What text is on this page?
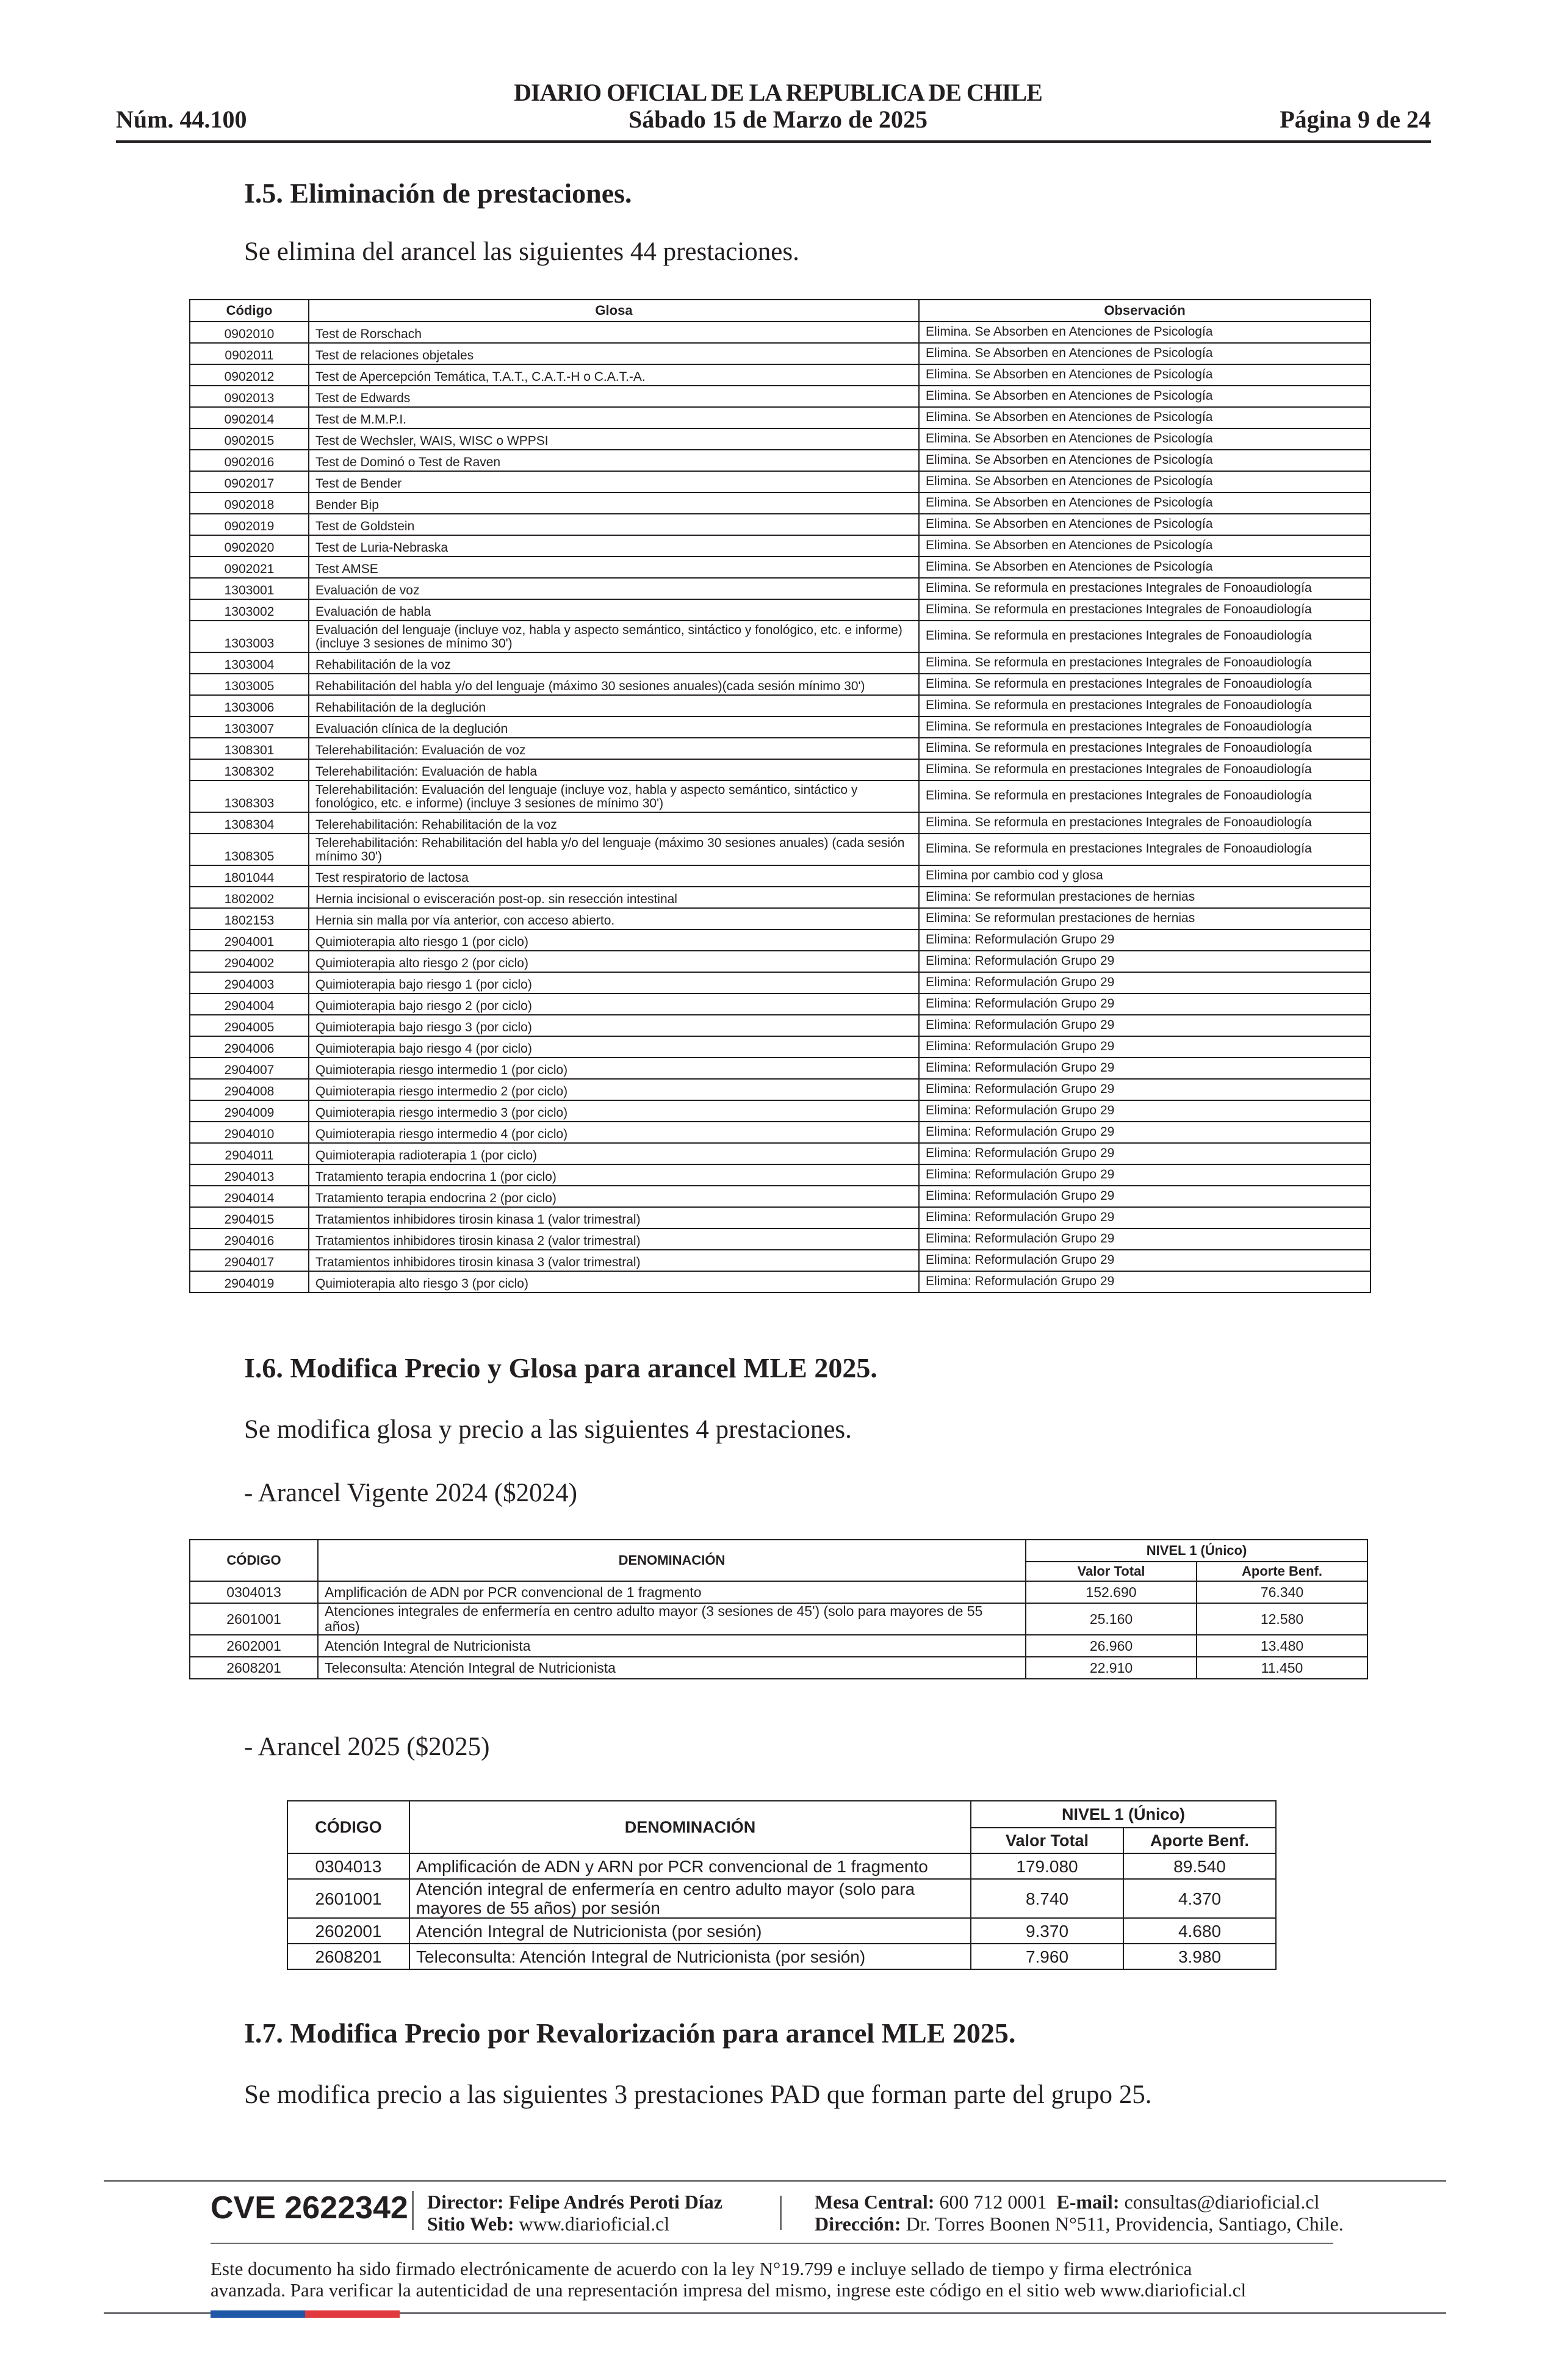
Núm. 44.100
DIARIO OFICIAL DE LA REPUBLICA DE CHILE
Sábado 15 de Marzo de 2025	Página 9 de 24
I.5. Eliminación de prestaciones.
Se elimina del arancel las siguientes 44 prestaciones.
Código	Glosa	Observación
0902010	Test de Rorschach	Elimina. Se Absorben en Atenciones de Psicología
0902011	Test de relaciones objetales	Elimina. Se Absorben en Atenciones de Psicología
0902012	Test de Apercepción Temática, T.A.T., C.A.T.-H o C.A.T.-A.	Elimina. Se Absorben en Atenciones de Psicología
0902013	Test de Edwards	Elimina. Se Absorben en Atenciones de Psicología
0902014	Test de M.M.P.I.	Elimina. Se Absorben en Atenciones de Psicología
0902015	Test de Wechsler, WAIS, WISC o WPPSI	Elimina. Se Absorben en Atenciones de Psicología
0902016	Test de Dominó o Test de Raven	Elimina. Se Absorben en Atenciones de Psicología
0902017	Test de Bender	Elimina. Se Absorben en Atenciones de Psicología
0902018	Bender Bip	Elimina. Se Absorben en Atenciones de Psicología
0902019	Test de Goldstein	Elimina. Se Absorben en Atenciones de Psicología
0902020	Test de Luria-Nebraska	Elimina. Se Absorben en Atenciones de Psicología
0902021	Test AMSE	Elimina. Se Absorben en Atenciones de Psicología
1303001	Evaluación de voz	Elimina. Se reformula en prestaciones Integrales de Fonoaudiología
1303002	Evaluación de habla	Elimina. Se reformula en prestaciones Integrales de Fonoaudiología
1303003	Evaluación del lenguaje (incluye voz, habla y aspecto semántico, sintáctico y fonológico, etc. e informe) (incluye 3 sesiones de mínimo 30')	Elimina. Se reformula en prestaciones Integrales de Fonoaudiología
1303004	Rehabilitación de la voz	Elimina. Se reformula en prestaciones Integrales de Fonoaudiología
1303005	Rehabilitación del habla y/o del lenguaje (máximo 30 sesiones anuales)(cada sesión mínimo 30')	Elimina. Se reformula en prestaciones Integrales de Fonoaudiología
1303006	Rehabilitación de la deglución	Elimina. Se reformula en prestaciones Integrales de Fonoaudiología
1303007	Evaluación clínica de la deglución	Elimina. Se reformula en prestaciones Integrales de Fonoaudiología
1308301	Telerehabilitación: Evaluación de voz	Elimina. Se reformula en prestaciones Integrales de Fonoaudiología
1308302	Telerehabilitación: Evaluación de habla	Elimina. Se reformula en prestaciones Integrales de Fonoaudiología
1308303	Telerehabilitación: Evaluación del lenguaje (incluye voz, habla y aspecto semántico, sintáctico y fonológico, etc. e informe) (incluye 3 sesiones de mínimo 30')	Elimina. Se reformula en prestaciones Integrales de Fonoaudiología
1308304	Telerehabilitación: Rehabilitación de la voz	Elimina. Se reformula en prestaciones Integrales de Fonoaudiología
1308305	Telerehabilitación: Rehabilitación del habla y/o del lenguaje (máximo 30 sesiones anuales) (cada sesión mínimo 30')	Elimina. Se reformula en prestaciones Integrales de Fonoaudiología
1801044	Test respiratorio de lactosa	Elimina por cambio cod y glosa
1802002	Hernia incisional o evisceración post-op. sin resección intestinal	Elimina: Se reformulan prestaciones de hernias
1802153	Hernia sin malla por vía anterior, con acceso abierto.	Elimina: Se reformulan prestaciones de hernias
2904001	Quimioterapia alto riesgo 1 (por ciclo)	Elimina: Reformulación Grupo 29
2904002	Quimioterapia alto riesgo 2 (por ciclo)	Elimina: Reformulación Grupo 29
2904003	Quimioterapia bajo riesgo 1 (por ciclo)	Elimina: Reformulación Grupo 29
2904004	Quimioterapia bajo riesgo 2 (por ciclo)	Elimina: Reformulación Grupo 29
2904005	Quimioterapia bajo riesgo 3 (por ciclo)	Elimina: Reformulación Grupo 29
2904006	Quimioterapia bajo riesgo 4 (por ciclo)	Elimina: Reformulación Grupo 29
2904007	Quimioterapia riesgo intermedio 1 (por ciclo)	Elimina: Reformulación Grupo 29
2904008	Quimioterapia riesgo intermedio 2 (por ciclo)	Elimina: Reformulación Grupo 29
2904009	Quimioterapia riesgo intermedio 3 (por ciclo)	Elimina: Reformulación Grupo 29
2904010	Quimioterapia riesgo intermedio 4 (por ciclo)	Elimina: Reformulación Grupo 29
2904011	Quimioterapia radioterapia 1 (por ciclo)	Elimina: Reformulación Grupo 29
2904013	Tratamiento terapia endocrina 1 (por ciclo)	Elimina: Reformulación Grupo 29
2904014	Tratamiento terapia endocrina 2 (por ciclo)	Elimina: Reformulación Grupo 29
2904015	Tratamientos inhibidores tirosin kinasa 1 (valor trimestral)	Elimina: Reformulación Grupo 29
2904016	Tratamientos inhibidores tirosin kinasa 2 (valor trimestral)	Elimina: Reformulación Grupo 29
2904017	Tratamientos inhibidores tirosin kinasa 3 (valor trimestral)	Elimina: Reformulación Grupo 29
2904019	Quimioterapia alto riesgo 3 (por ciclo)	Elimina: Reformulación Grupo 29
I.6. Modifica Precio y Glosa para arancel MLE 2025.
Se modifica glosa y precio a las siguientes 4 prestaciones.
- Arancel Vigente 2024 ($2024)
CÓDIGO	DENOMINACIÓN	NIVEL 1 (Único)	
		Valor Total	Aporte Benf.
0304013	Amplificación de ADN por PCR convencional de 1 fragmento	152.690	76.340
2601001	Atenciones integrales de enfermería en centro adulto mayor (3 sesiones de 45') (solo para mayores de 55 años)	25.160	12.580
2602001	Atención Integral de Nutricionista	26.960	13.480
2608201	Teleconsulta: Atención Integral de Nutricionista	22.910	11.450
- Arancel 2025 ($2025)
CÓDIGO	DENOMINACIÓN	NIVEL 1 (Único)	
		Valor Total	Aporte Benf.
0304013	Amplificación de ADN y ARN por PCR convencional de 1 fragmento	179.080	89.540
2601001	Atención integral de enfermería en centro adulto mayor (solo para mayores de 55 años) por sesión	8.740	4.370
2602001	Atención Integral de Nutricionista (por sesión)	9.370	4.680
2608201	Teleconsulta: Atención Integral de Nutricionista (por sesión)	7.960	3.980
I.7. Modifica Precio por Revalorización para arancel MLE 2025.
Se modifica precio a las siguientes 3 prestaciones PAD que forman parte del grupo 25.
CVE 2622342 Director: Felipe Andrés Peroti Díaz
Sitio Web: www.diarioficial.cl
Mesa Central: 600 712 0001 E-mail: consultas@diarioficial.cl
Dirección: Dr. Torres Boonen N°511, Providencia, Santiago, Chile.
Este documento ha sido firmado electrónicamente de acuerdo con la ley N°19.799 e incluye sellado de tiempo y firma electrónica
avanzada. Para verificar la autenticidad de una representación impresa del mismo, ingrese este código en el sitio web www.diarioficial.cl
